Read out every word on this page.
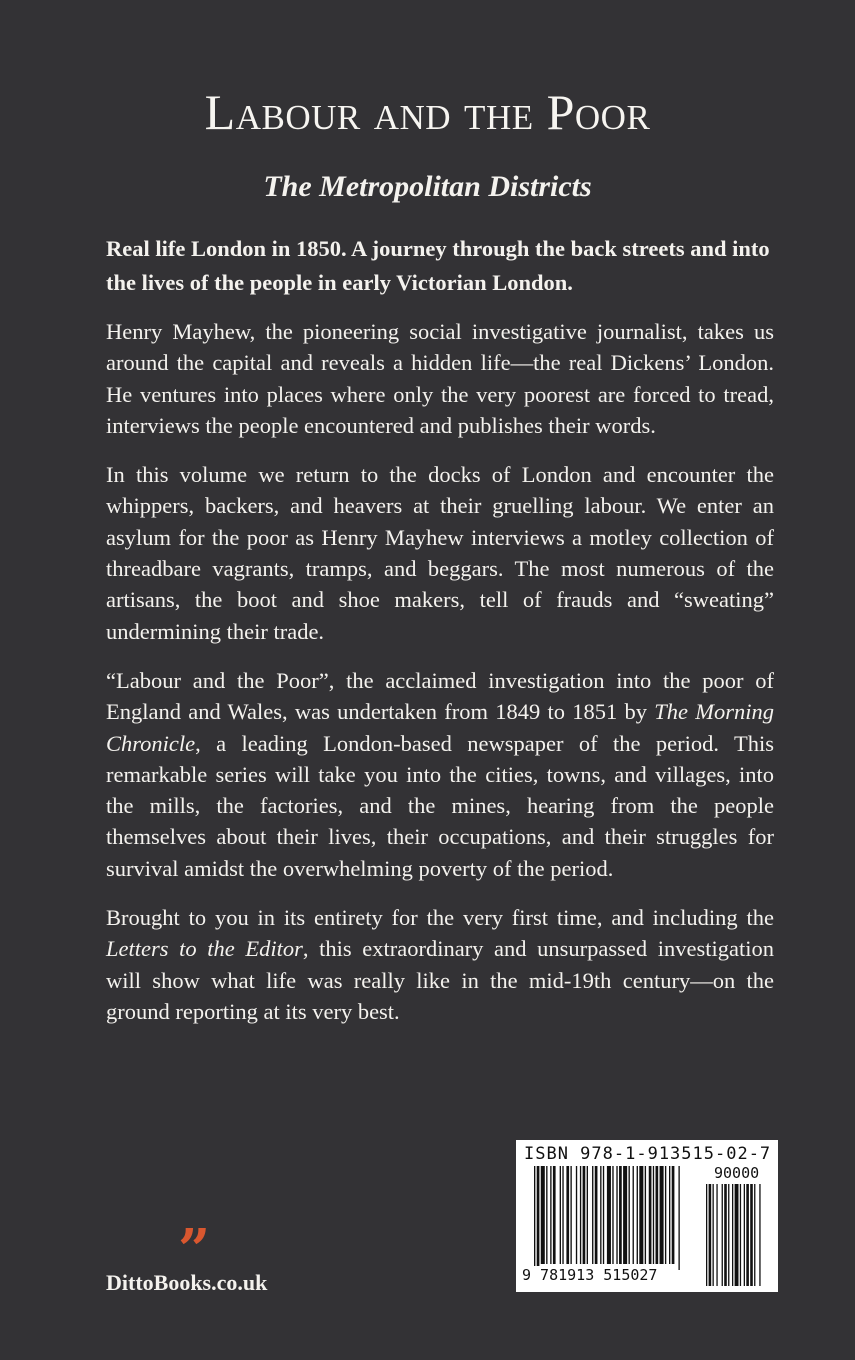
Labour and the Poor
The Metropolitan Districts

Real life London in 1850. A journey through the back streets and into the lives of the people in early Victorian London.

Henry Mayhew, the pioneering social investigative journalist, takes us around the capital and reveals a hidden life—the real Dickens’ London. He ventures into places where only the very poorest are forced to tread, interviews the people encountered and publishes their words.

In this volume we return to the docks of London and encounter the whippers, backers, and heavers at their gruelling labour. We enter an asylum for the poor as Henry Mayhew interviews a motley collection of threadbare vagrants, tramps, and beggars. The most numerous of the artisans, the boot and shoe makers, tell of frauds and “sweating” undermining their trade.

“Labour and the Poor”, the acclaimed investigation into the poor of England and Wales, was undertaken from 1849 to 1851 by The Morning Chronicle, a leading London-based newspaper of the period. This remarkable series will take you into the cities, towns, and villages, into the mills, the factories, and the mines, hearing from the people themselves about their lives, their occupations, and their struggles for survival amidst the overwhelming poverty of the period.

Brought to you in its entirety for the very first time, and including the Letters to the Editor, this extraordinary and unsurpassed investigation will show what life was really like in the mid-19th century—on the ground reporting at its very best.

”
DittoBooks.co.uk
ISBN 978-1-913515-02-7
90000
9 781913 515027
